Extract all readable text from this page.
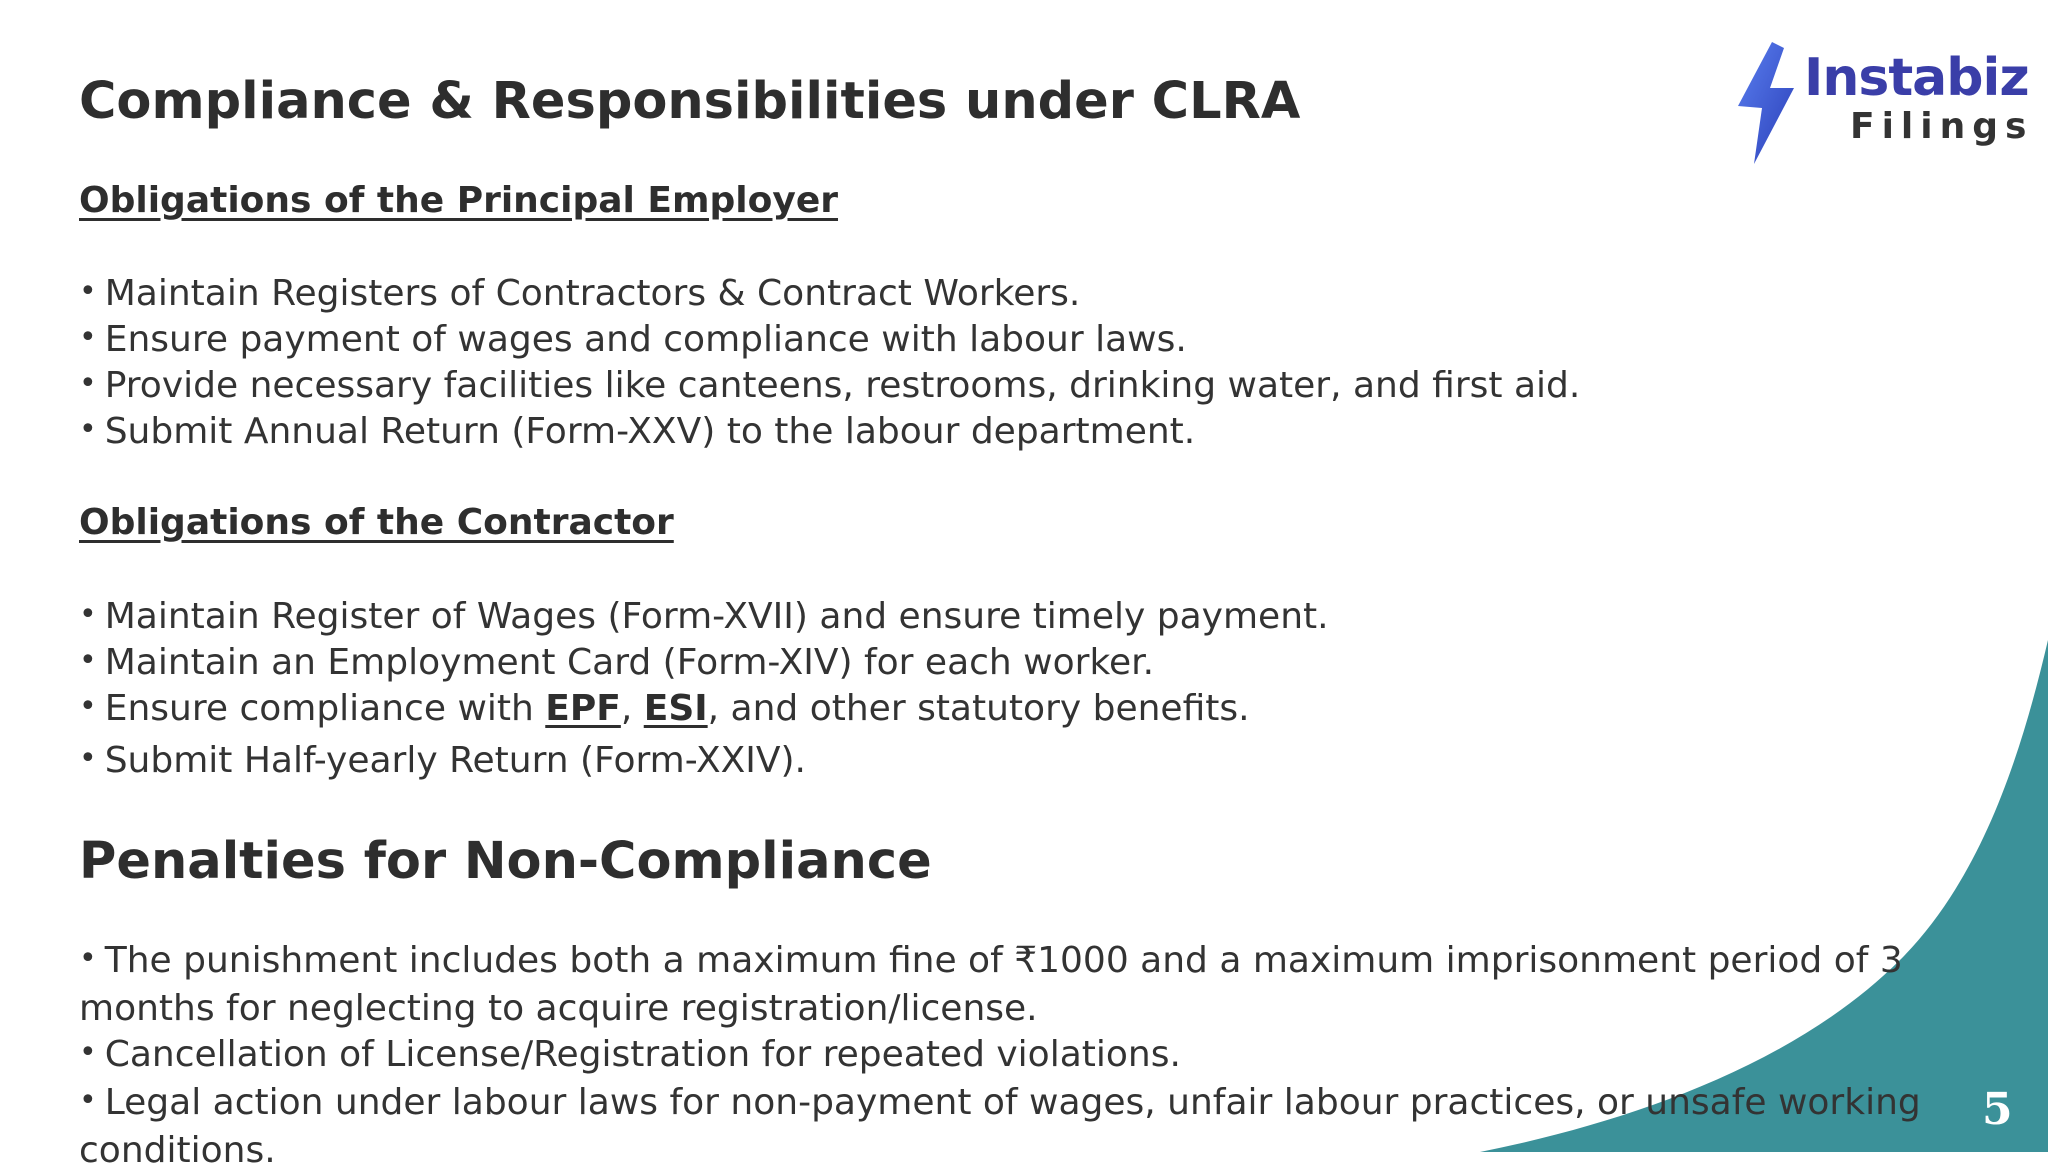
Instabiz
Filings
Compliance & Responsibilities under CLRA
Obligations of the Principal Employer
• Maintain Registers of Contractors & Contract Workers.
• Ensure payment of wages and compliance with labour laws.
• Provide necessary facilities like canteens, restrooms, drinking water, and first aid.
• Submit Annual Return (Form-XXV) to the labour department.
Obligations of the Contractor
• Maintain Register of Wages (Form-XVII) and ensure timely payment.
• Maintain an Employment Card (Form-XIV) for each worker.
• Ensure compliance with EPF, ESI, and other statutory benefits.
• Submit Half-yearly Return (Form-XXIV).
Penalties for Non-Compliance
• The punishment includes both a maximum fine of ₹1000 and a maximum imprisonment period of 3 months for neglecting to acquire registration/license.
• Cancellation of License/Registration for repeated violations.
• Legal action under labour laws for non-payment of wages, unfair labour practices, or unsafe working conditions.
5
